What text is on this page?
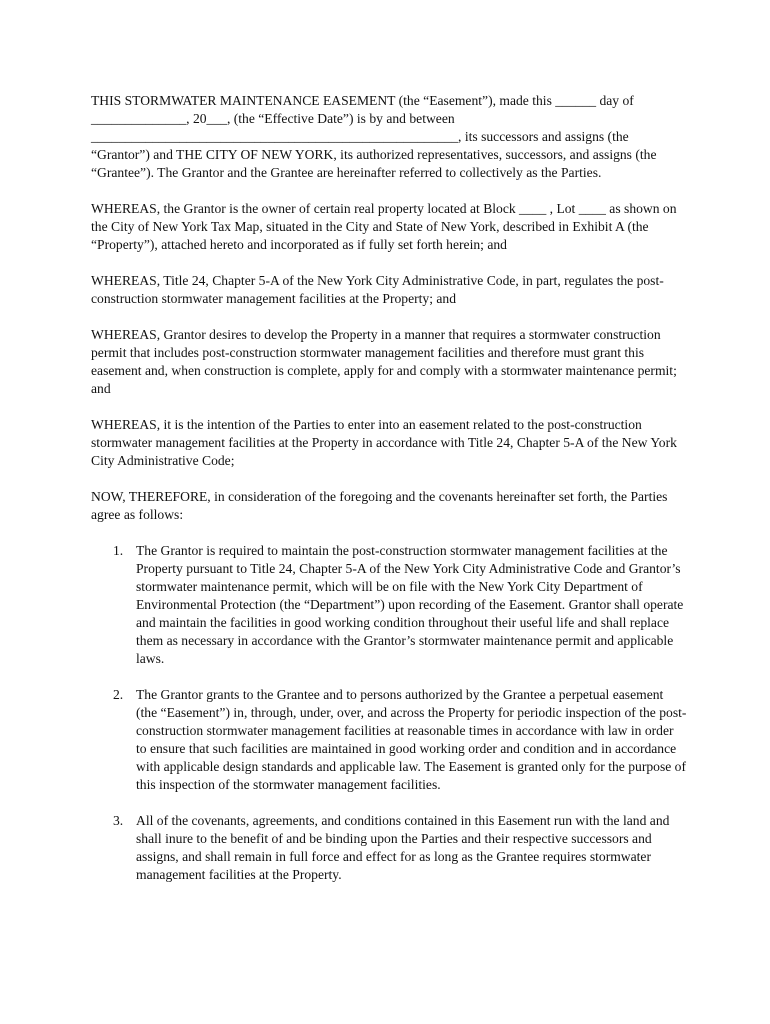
THIS STORMWATER MAINTENANCE EASEMENT (the “Easement”), made this ______ day of ______________, 20___, (the “Effective Date”) is by and between ______________________________________________________, its successors and assigns (the “Grantor”) and THE CITY OF NEW YORK, its authorized representatives, successors, and assigns (the “Grantee”). The Grantor and the Grantee are hereinafter referred to collectively as the Parties.

WHEREAS, the Grantor is the owner of certain real property located at Block ____ , Lot ____ as shown on the City of New York Tax Map, situated in the City and State of New York, described in Exhibit A (the “Property”), attached hereto and incorporated as if fully set forth herein; and

WHEREAS, Title 24, Chapter 5-A of the New York City Administrative Code, in part, regulates the post-construction stormwater management facilities at the Property; and

WHEREAS, Grantor desires to develop the Property in a manner that requires a stormwater construction permit that includes post-construction stormwater management facilities and therefore must grant this easement and, when construction is complete, apply for and comply with a stormwater maintenance permit; and

WHEREAS, it is the intention of the Parties to enter into an easement related to the post-construction stormwater management facilities at the Property in accordance with Title 24, Chapter 5-A of the New York City Administrative Code;

NOW, THEREFORE, in consideration of the foregoing and the covenants hereinafter set forth, the Parties agree as follows:

1. The Grantor is required to maintain the post-construction stormwater management facilities at the Property pursuant to Title 24, Chapter 5-A of the New York City Administrative Code and Grantor’s stormwater maintenance permit, which will be on file with the New York City Department of Environmental Protection (the “Department”) upon recording of the Easement. Grantor shall operate and maintain the facilities in good working condition throughout their useful life and shall replace them as necessary in accordance with the Grantor’s stormwater maintenance permit and applicable laws.
2. The Grantor grants to the Grantee and to persons authorized by the Grantee a perpetual easement (the “Easement”) in, through, under, over, and across the Property for periodic inspection of the post-construction stormwater management facilities at reasonable times in accordance with law in order to ensure that such facilities are maintained in good working order and condition and in accordance with applicable design standards and applicable law. The Easement is granted only for the purpose of this inspection of the stormwater management facilities.
3. All of the covenants, agreements, and conditions contained in this Easement run with the land and shall inure to the benefit of and be binding upon the Parties and their respective successors and assigns, and shall remain in full force and effect for as long as the Grantee requires stormwater management facilities at the Property.
